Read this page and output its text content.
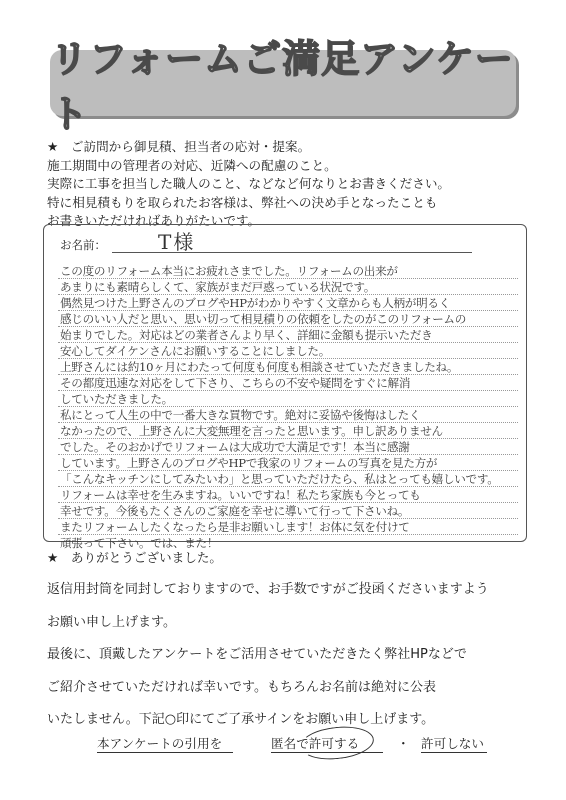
リフォームご満足アンケート
★　ご訪問から御見積、担当者の応対・提案。
施工期間中の管理者の対応、近隣への配慮のこと。
実際に工事を担当した職人のこと、などなど何なりとお書きください。
特に相見積もりを取られたお客様は、弊社への決め手となったことも
お書きいただければありがたいです。
お名前：	T様
この度のリフォーム本当にお疲れさまでした。リフォームの出来が
あまりにも素晴らしくて、家族がまだ戸惑っている状況です。
偶然見つけた上野さんのブログやHPがわかりやすく文章からも人柄が明るく
感じのいい人だと思い、思い切って相見積りの依頼をしたのがこのリフォームの
始まりでした。対応はどの業者さんより早く、詳細に金額も提示いただき
安心してダイケンさんにお願いすることにしました。
上野さんには約10ヶ月にわたって何度も何度も相談させていただきましたね。
その都度迅速な対応をして下さり、こちらの不安や疑問をすぐに解消
していただきました。
私にとって人生の中で一番大きな買物です。絶対に妥協や後悔はしたく
なかったので、上野さんに大変無理を言ったと思います。申し訳ありません
でした。そのおかげでリフォームは大成功で大満足です！本当に感謝
しています。上野さんのブログやHPで我家のリフォームの写真を見た方が
「こんなキッチンにしてみたいわ」と思っていただけたら、私はとっても嬉しいです。
リフォームは幸せを生みますね。いいですね！私たち家族も今とっても
幸せです。今後もたくさんのご家庭を幸せに導いて行って下さいね。
またリフォームしたくなったら是非お願いします！お体に気を付けて
頑張って下さい。では、また！
★　ありがとうございました。
返信用封筒を同封しておりますので、お手数ですがご投函くださいますよう
お願い申し上げます。
最後に、頂戴したアンケートをご活用させていただきたく弊社HPなどで
ご紹介させていただければ幸いです。もちろんお名前は絶対に公表
いたしません。下記○印にてご了承サインをお願い申し上げます。
本アンケートの引用を	匿名で許可する	・ 許可しない
